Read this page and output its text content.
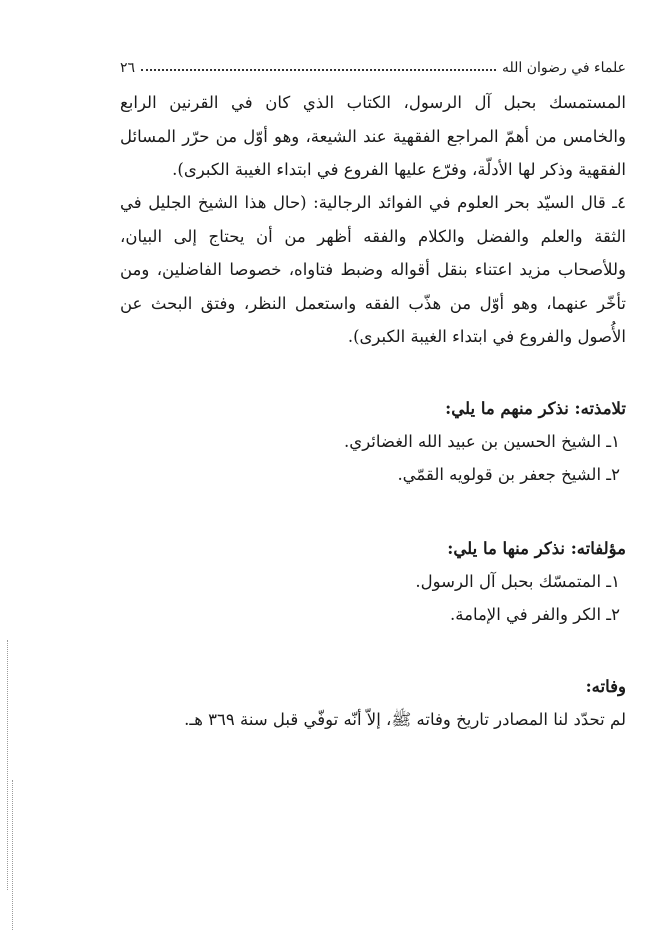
علماء في رضوان الله
٢٦
المستمسك بحبل آل الرسول، الكتاب الذي كان في القرنين الرابع والخامس من أهمّ المراجع الفقهية عند الشيعة، وهو أوّل من حرّر المسائل الفقهية وذكر لها الأدلّة، وفرّع عليها الفروع في ابتداء الغيبة الكبرى).
٤ـ قال السيّد بحر العلوم في الفوائد الرجالية: (حال هذا الشيخ الجليل في الثقة والعلم والفضل والكلام والفقه أظهر من أن يحتاج إلى البيان، وللأصحاب مزيد اعتناء بنقل أقواله وضبط فتاواه، خصوصا الفاضلين، ومن تأخّر عنهما، وهو أوّل من هذّب الفقه واستعمل النظر، وفتق البحث عن الأُصول والفروع في ابتداء الغيبة الكبرى).
تلامذته: نذكر منهم ما يلي:
١ـ الشيخ الحسين بن عبيد الله الغضائري.
٢ـ الشيخ جعفر بن قولويه القمّي.
مؤلفاته: نذكر منها ما يلي:
١ـ المتمسّك بحبل آل الرسول.
٢ـ الكر والفر في الإمامة.
وفاته:
لم تحدّد لنا المصادر تاريخ وفاته ﷺ، إلاّ أنّه توفّي قبل سنة ٣٦٩ هـ.
